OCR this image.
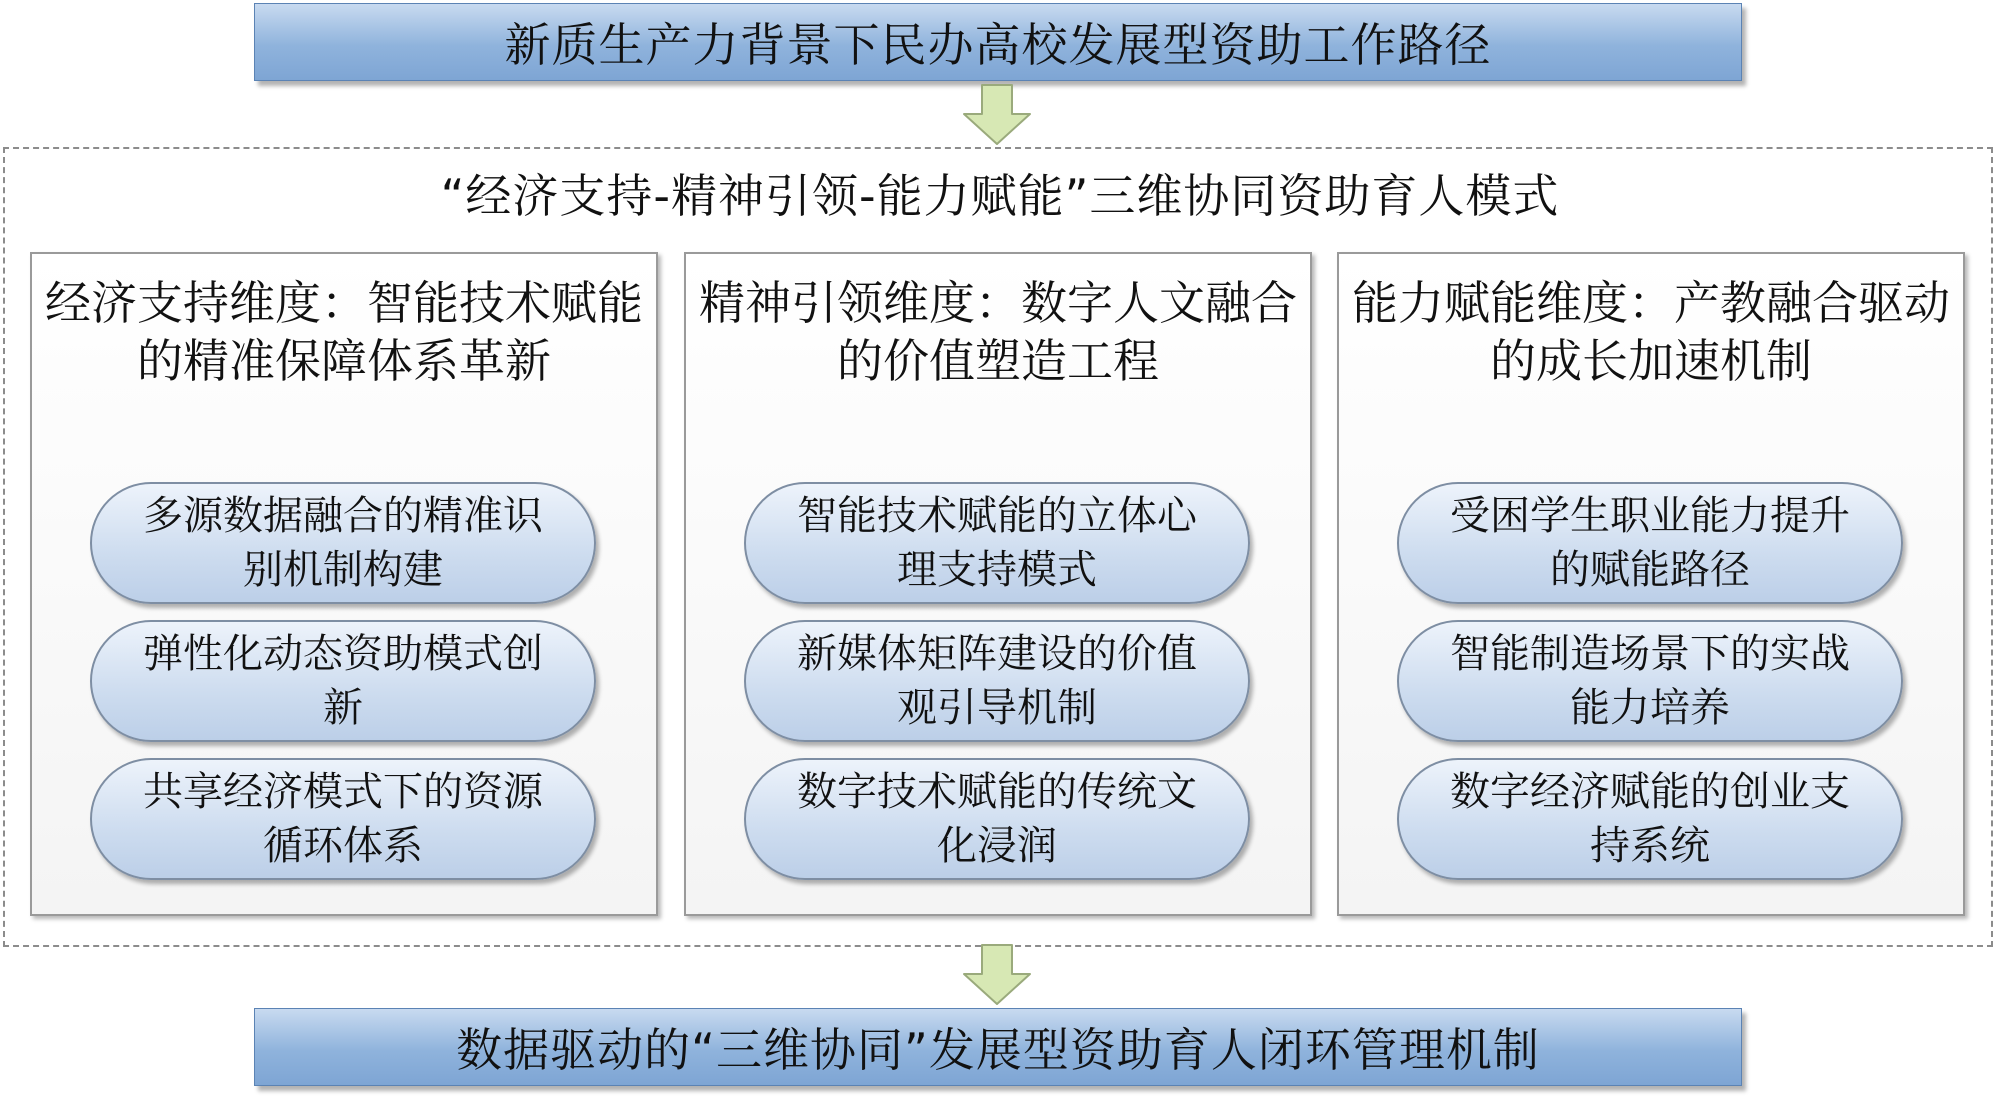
新质生产力背景下民办高校发展型资助工作路径
“经济支持-精神引领-能力赋能”三维协同资助育人模式
经济支持维度：智能技术赋能的精准保障体系革新
多源数据融合的精准识别机制构建
弹性化动态资助模式创新
共享经济模式下的资源循环体系
精神引领维度：数字人文融合的价值塑造工程
智能技术赋能的立体心理支持模式
新媒体矩阵建设的价值观引导机制
数字技术赋能的传统文化浸润
能力赋能维度：产教融合驱动的成长加速机制
受困学生职业能力提升的赋能路径
智能制造场景下的实战能力培养
数字经济赋能的创业支持系统
数据驱动的“三维协同”发展型资助育人闭环管理机制
